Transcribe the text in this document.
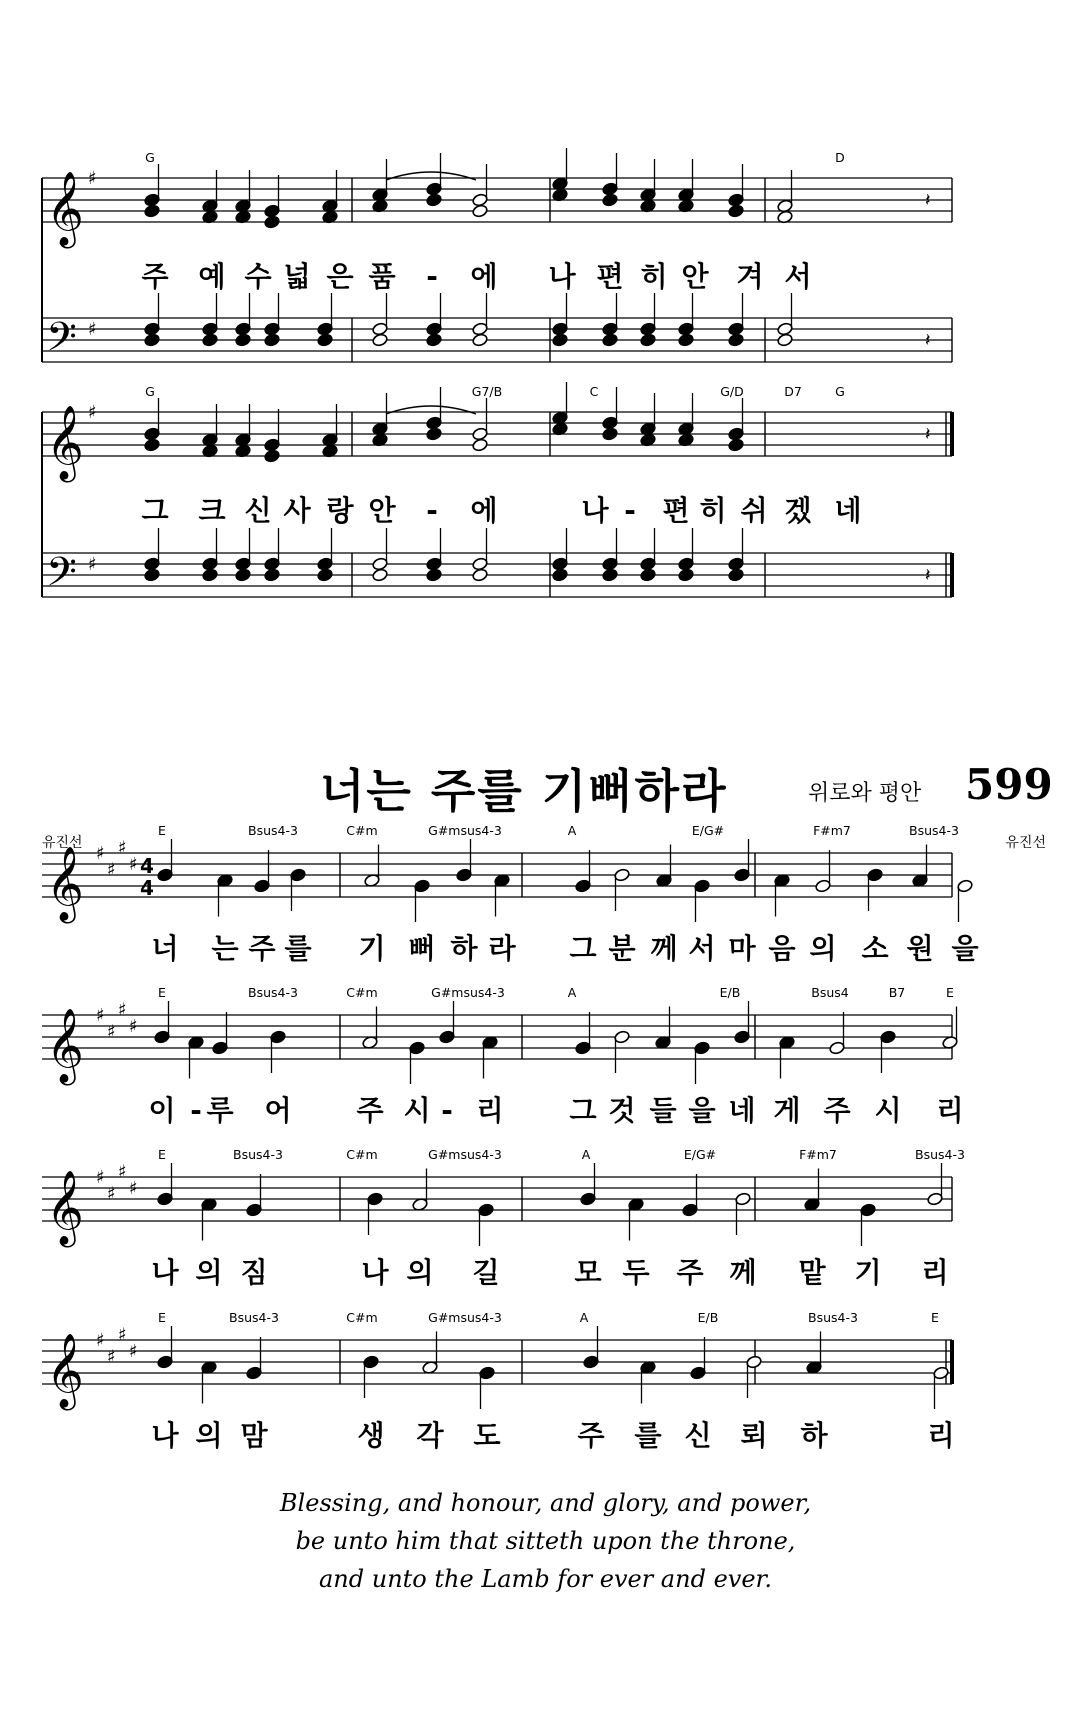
𝄞
𝄢
♯
♯
G	D
주 예 수 넓 은 품 - 에 나 편 히 안 겨 서
𝄽
𝄽
𝄞
𝄢
♯
♯
G	G7/B	C	G/D	D7	G
그 크 신 사 랑 안 - 에	나 - 편 히 쉬 겠 네
𝄽
𝄽
𝄞 ♯
♯
♯
♯ 4
4
E	Bsus4-3	C#m	G#msus4-3	A	E/G#	F#m7	Bsus4-3
너 는 주 를 기 뻐 하 라 그 분 께 서 마 음 의 소 원 을
𝄞 ♯
♯
♯
♯
E	Bsus4-3	C#m	G#msus4-3	A	E/B	Bsus4	B7	E
이 - 루 어 주 시 - 리 그 것 들 을 네 게 주 시 리
𝄞 ♯
♯
♯
♯
E	Bsus4-3	C#m	G#msus4-3	A	E/G#	F#m7	Bsus4-3
나 의 짐	나 의 길	모 두 주 께 맡 기 리
𝄞 ♯
♯
♯
♯
E	Bsus4-3	C#m	G#msus4-3	A	E/B	Bsus4-3	E
나 의 맘	생 각 도	주 를 신 뢰 하	리
너는 주를 기뻐하라	위로와 평안 599
유진선	유진선
Blessing, and honour, and glory, and power,
be unto him that sitteth upon the throne,
and unto the Lamb for ever and ever.
